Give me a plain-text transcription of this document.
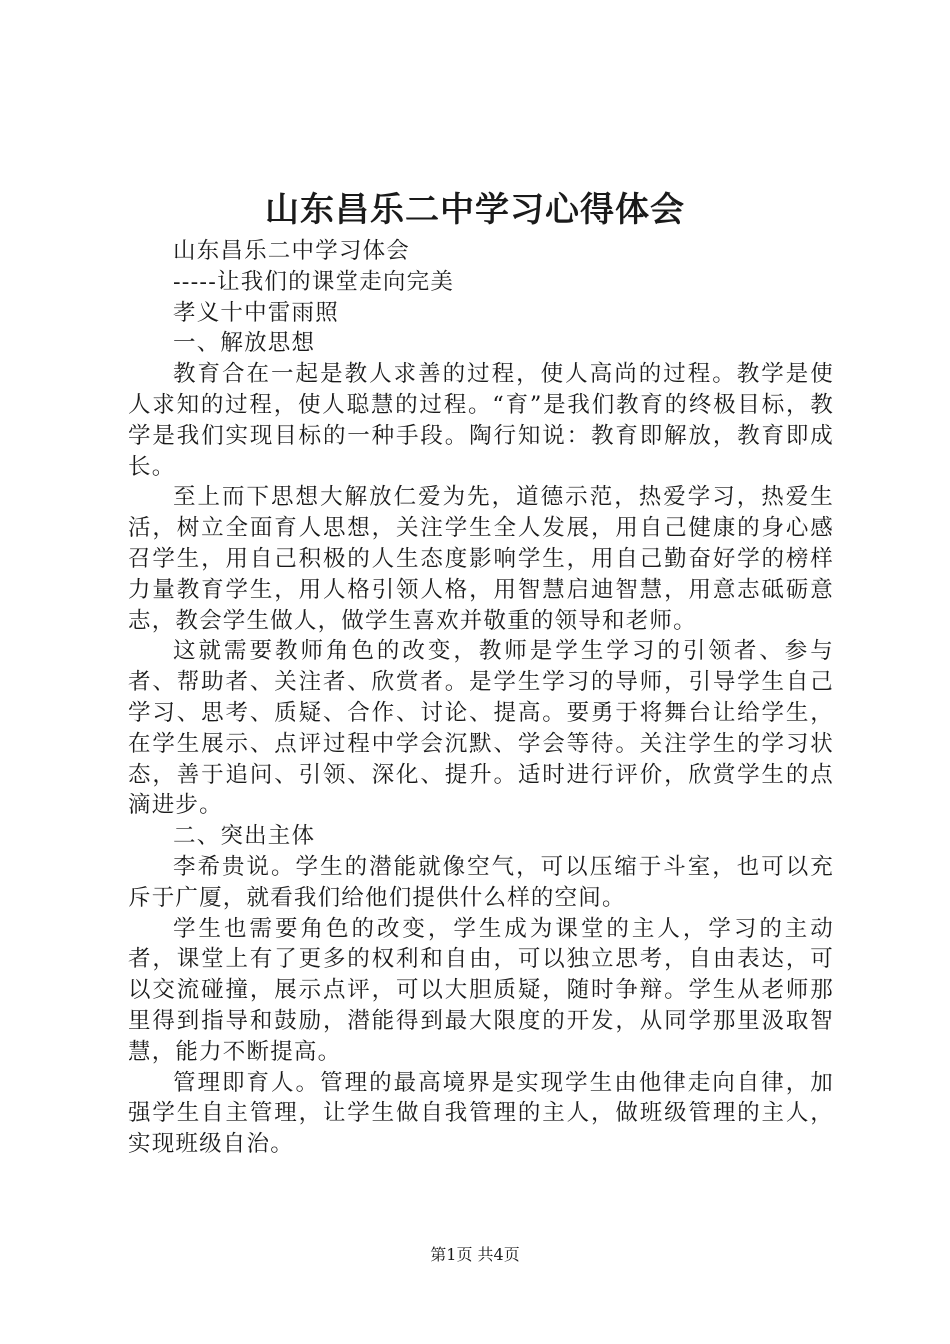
山东昌乐二中学习心得体会

山东昌乐二中学习体会

-----让我们的课堂走向完美

孝义十中雷雨照

一、解放思想

教育合在一起是教人求善的过程，使人高尚的过程。教学是使人求知的过程，使人聪慧的过程。“育”是我们教育的终极目标，教学是我们实现目标的一种手段。陶行知说：教育即解放，教育即成长。

至上而下思想大解放仁爱为先，道德示范，热爱学习，热爱生活，树立全面育人思想，关注学生全人发展，用自己健康的身心感召学生，用自己积极的人生态度影响学生，用自己勤奋好学的榜样力量教育学生，用人格引领人格，用智慧启迪智慧，用意志砥砺意志，教会学生做人，做学生喜欢并敬重的领导和老师。

这就需要教师角色的改变，教师是学生学习的引领者、参与者、帮助者、关注者、欣赏者。是学生学习的导师，引导学生自己学习、思考、质疑、合作、讨论、提高。要勇于将舞台让给学生，在学生展示、点评过程中学会沉默、学会等待。关注学生的学习状态，善于追问、引领、深化、提升。适时进行评价，欣赏学生的点滴进步。

二、突出主体

李希贵说。学生的潜能就像空气，可以压缩于斗室，也可以充斥于广厦，就看我们给他们提供什么样的空间。

学生也需要角色的改变，学生成为课堂的主人，学习的主动者，课堂上有了更多的权利和自由，可以独立思考，自由表达，可以交流碰撞，展示点评，可以大胆质疑，随时争辩。学生从老师那里得到指导和鼓励，潜能得到最大限度的开发，从同学那里汲取智慧，能力不断提高。

管理即育人。管理的最高境界是实现学生由他律走向自律，加强学生自主管理，让学生做自我管理的主人，做班级管理的主人，实现班级自治。

第1页 共4页
